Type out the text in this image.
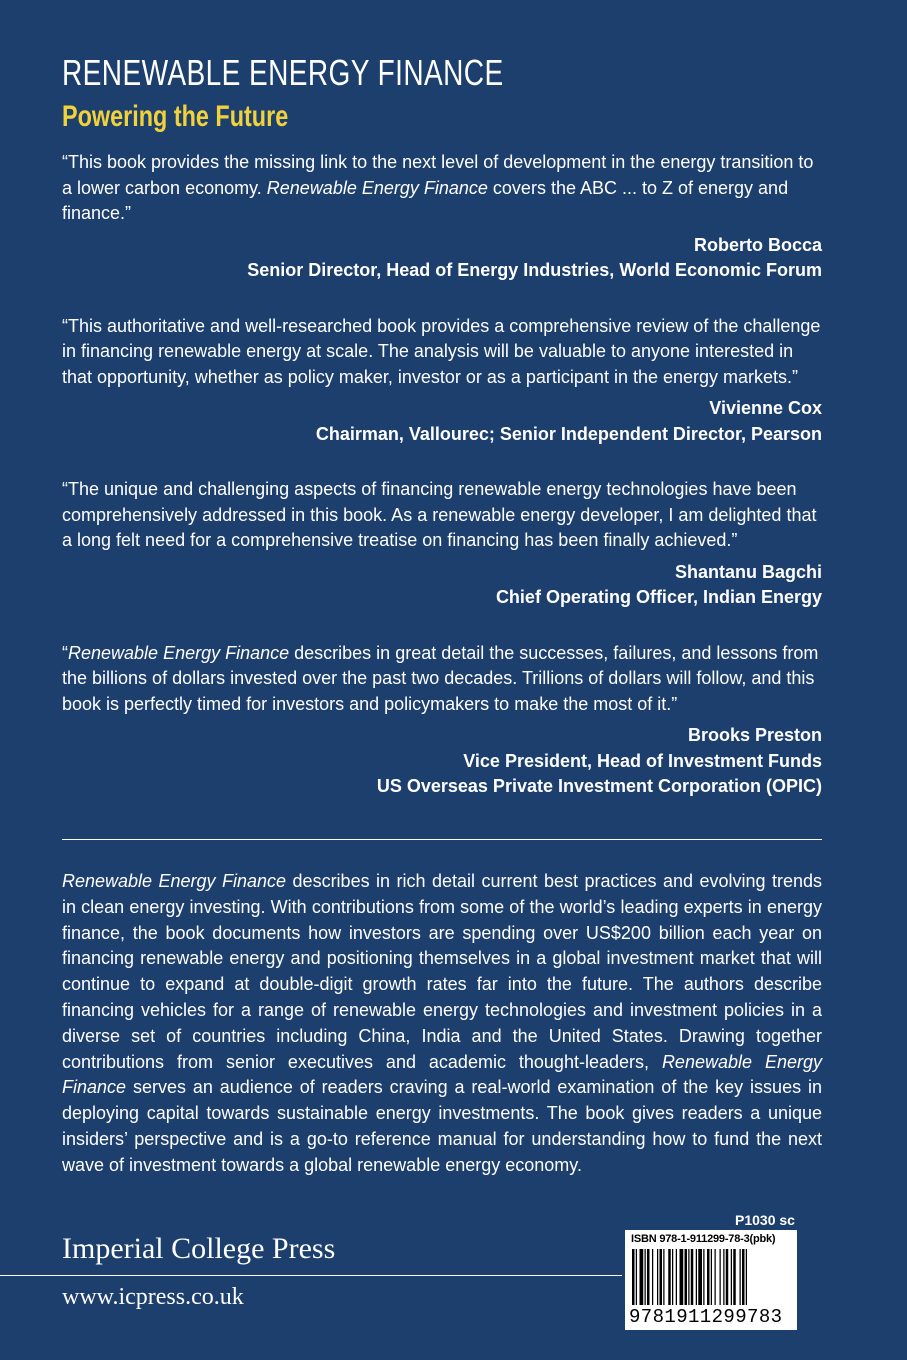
RENEWABLE ENERGY FINANCE
Powering the Future

“This book provides the missing link to the next level of development in the energy transition to a lower carbon economy. Renewable Energy Finance covers the ABC ... to Z of energy and finance.”

Roberto Bocca
Senior Director, Head of Energy Industries, World Economic Forum

“This authoritative and well-researched book provides a comprehensive review of the challenge in financing renewable energy at scale. The analysis will be valuable to anyone interested in that opportunity, whether as policy maker, investor or as a participant in the energy markets.”

Vivienne Cox
Chairman, Vallourec; Senior Independent Director, Pearson

“The unique and challenging aspects of financing renewable energy technologies have been comprehensively addressed in this book. As a renewable energy developer, I am delighted that a long felt need for a comprehensive treatise on financing has been finally achieved.”

Shantanu Bagchi
Chief Operating Officer, Indian Energy

“Renewable Energy Finance describes in great detail the successes, failures, and lessons from the billions of dollars invested over the past two decades. Trillions of dollars will follow, and this book is perfectly timed for investors and policymakers to make the most of it.”

Brooks Preston
Vice President, Head of Investment Funds
US Overseas Private Investment Corporation (OPIC)

Renewable Energy Finance describes in rich detail current best practices and evolving trends in clean energy investing. With contributions from some of the world’s leading experts in energy finance, the book documents how investors are spending over US$200 billion each year on financing renewable energy and positioning themselves in a global investment market that will continue to expand at double-digit growth rates far into the future. The authors describe financing vehicles for a range of renewable energy technologies and investment policies in a diverse set of countries including China, India and the United States. Drawing together contributions from senior executives and academic thought-leaders, Renewable Energy Finance serves an audience of readers craving a real-world examination of the key issues in deploying capital towards sustainable energy investments. The book gives readers a unique insiders’ perspective and is a go-to reference manual for understanding how to fund the next wave of investment towards a global renewable energy economy.

P1030 sc
Imperial College Press
www.icpress.co.uk
ISBN 978-1-911299-78-3(pbk)
9781911299783
